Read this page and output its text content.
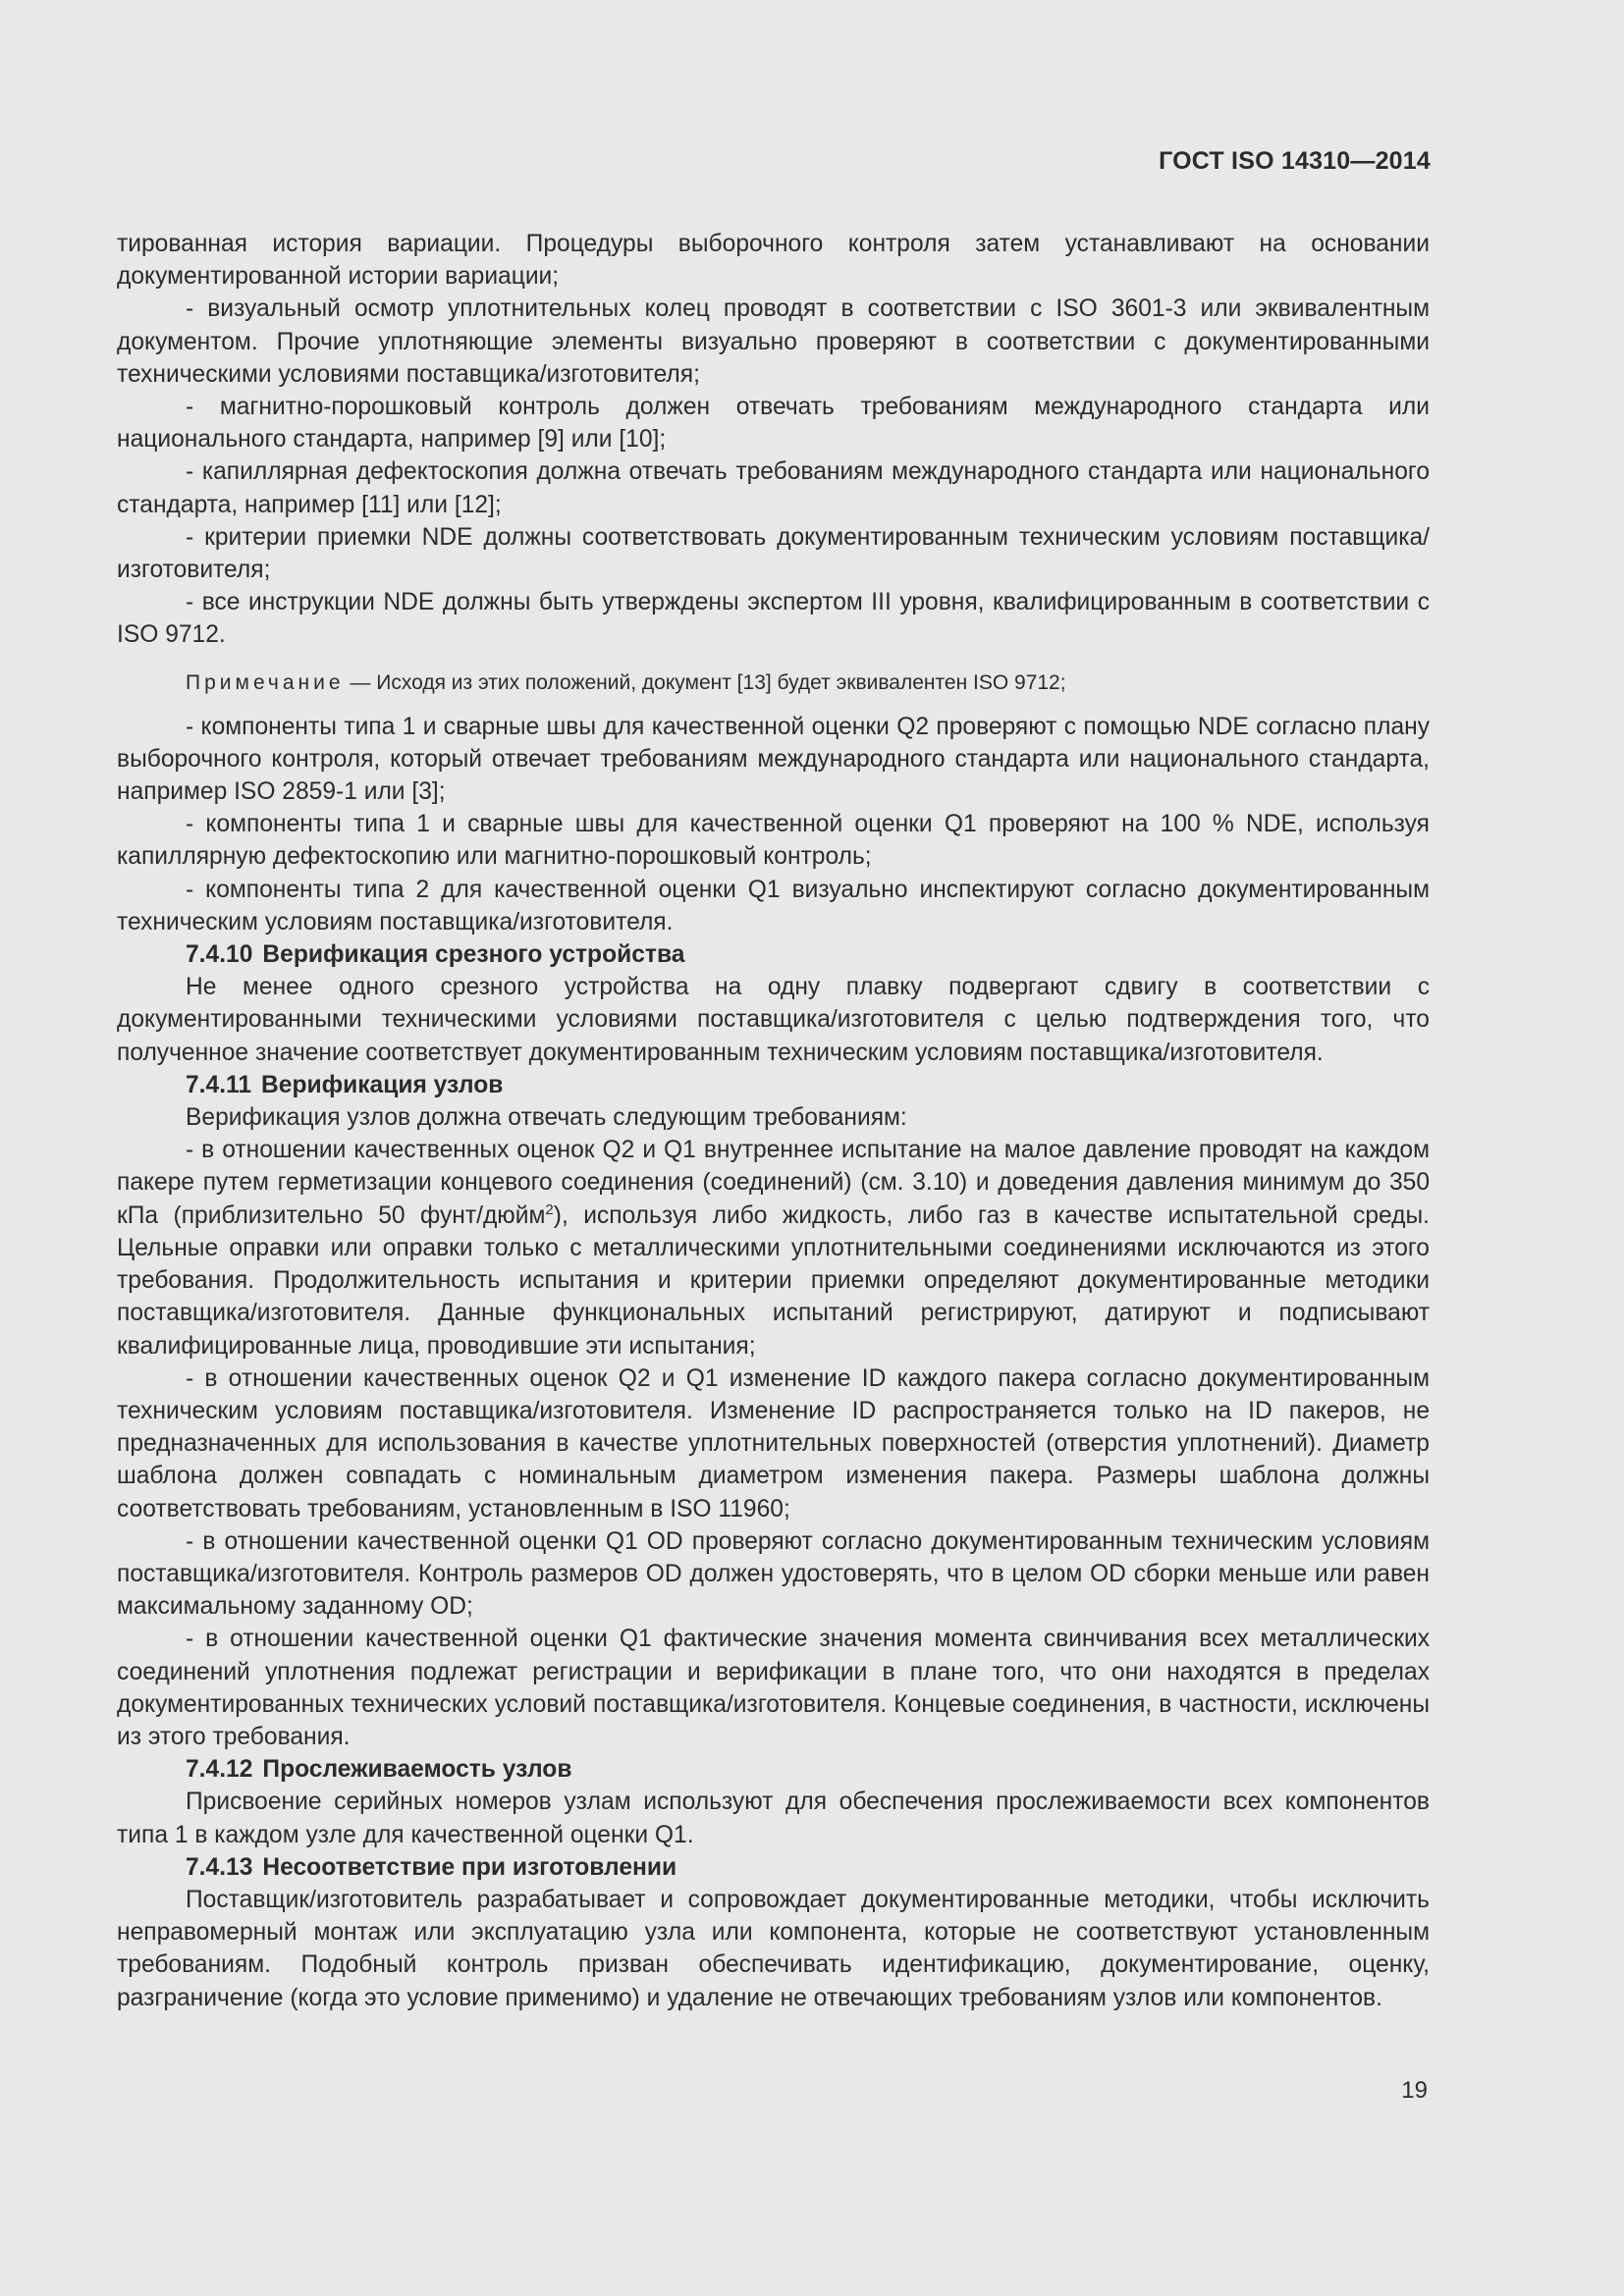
ГОСТ ISO 14310—2014

тированная история вариации. Процедуры выборочного контроля затем устанавливают на основании документированной истории вариации;

- визуальный осмотр уплотнительных колец проводят в соответствии с ISO 3601-3 или эквивалентным документом. Прочие уплотняющие элементы визуально проверяют в соответствии с документированными техническими условиями поставщика/изготовителя;

- магнитно-порошковый контроль должен отвечать требованиям международного стандарта или национального стандарта, например [9] или [10];

- капиллярная дефектоскопия должна отвечать требованиям международного стандарта или национального стандарта, например [11] или [12];

- критерии приемки NDE должны соответствовать документированным техническим условиям поставщика/изготовителя;

- все инструкции NDE должны быть утверждены экспертом III уровня, квалифицированным в соответствии с ISO 9712.

Примечание — Исходя из этих положений, документ [13] будет эквивалентен ISO 9712;

- компоненты типа 1 и сварные швы для качественной оценки Q2 проверяют с помощью NDE согласно плану выборочного контроля, который отвечает требованиям международного стандарта или национального стандарта, например ISO 2859-1 или [3];

- компоненты типа 1 и сварные швы для качественной оценки Q1 проверяют на 100 % NDE, используя капиллярную дефектоскопию или магнитно-порошковый контроль;

- компоненты типа 2 для качественной оценки Q1 визуально инспектируют согласно документированным техническим условиям поставщика/изготовителя.

7.4.10 Верификация срезного устройства

Не менее одного срезного устройства на одну плавку подвергают сдвигу в соответствии с документированными техническими условиями поставщика/изготовителя с целью подтверждения того, что полученное значение соответствует документированным техническим условиям поставщика/изготовителя.

7.4.11 Верификация узлов

Верификация узлов должна отвечать следующим требованиям:

- в отношении качественных оценок Q2 и Q1 внутреннее испытание на малое давление проводят на каждом пакере путем герметизации концевого соединения (соединений) (см. 3.10) и доведения давления минимум до 350 кПа (приблизительно 50 фунт/дюйм$^2$), используя либо жидкость, либо газ в качестве испытательной среды. Цельные оправки или оправки только с металлическими уплотнительными соединениями исключаются из этого требования. Продолжительность испытания и критерии приемки определяют документированные методики поставщика/изготовителя. Данные функциональных испытаний регистрируют, датируют и подписывают квалифицированные лица, проводившие эти испытания;

- в отношении качественных оценок Q2 и Q1 изменение ID каждого пакера согласно документированным техническим условиям поставщика/изготовителя. Изменение ID распространяется только на ID пакеров, не предназначенных для использования в качестве уплотнительных поверхностей (отверстия уплотнений). Диаметр шаблона должен совпадать с номинальным диаметром изменения пакера. Размеры шаблона должны соответствовать требованиям, установленным в ISO 11960;

- в отношении качественной оценки Q1 OD проверяют согласно документированным техническим условиям поставщика/изготовителя. Контроль размеров OD должен удостоверять, что в целом OD сборки меньше или равен максимальному заданному OD;

- в отношении качественной оценки Q1 фактические значения момента свинчивания всех металлических соединений уплотнения подлежат регистрации и верификации в плане того, что они находятся в пределах документированных технических условий поставщика/изготовителя. Концевые соединения, в частности, исключены из этого требования.

7.4.12 Прослеживаемость узлов

Присвоение серийных номеров узлам используют для обеспечения прослеживаемости всех компонентов типа 1 в каждом узле для качественной оценки Q1.

7.4.13 Несоответствие при изготовлении

Поставщик/изготовитель разрабатывает и сопровождает документированные методики, чтобы исключить неправомерный монтаж или эксплуатацию узла или компонента, которые не соответствуют установленным требованиям. Подобный контроль призван обеспечивать идентификацию, документирование, оценку, разграничение (когда это условие применимо) и удаление не отвечающих требованиям узлов или компонентов.

19
